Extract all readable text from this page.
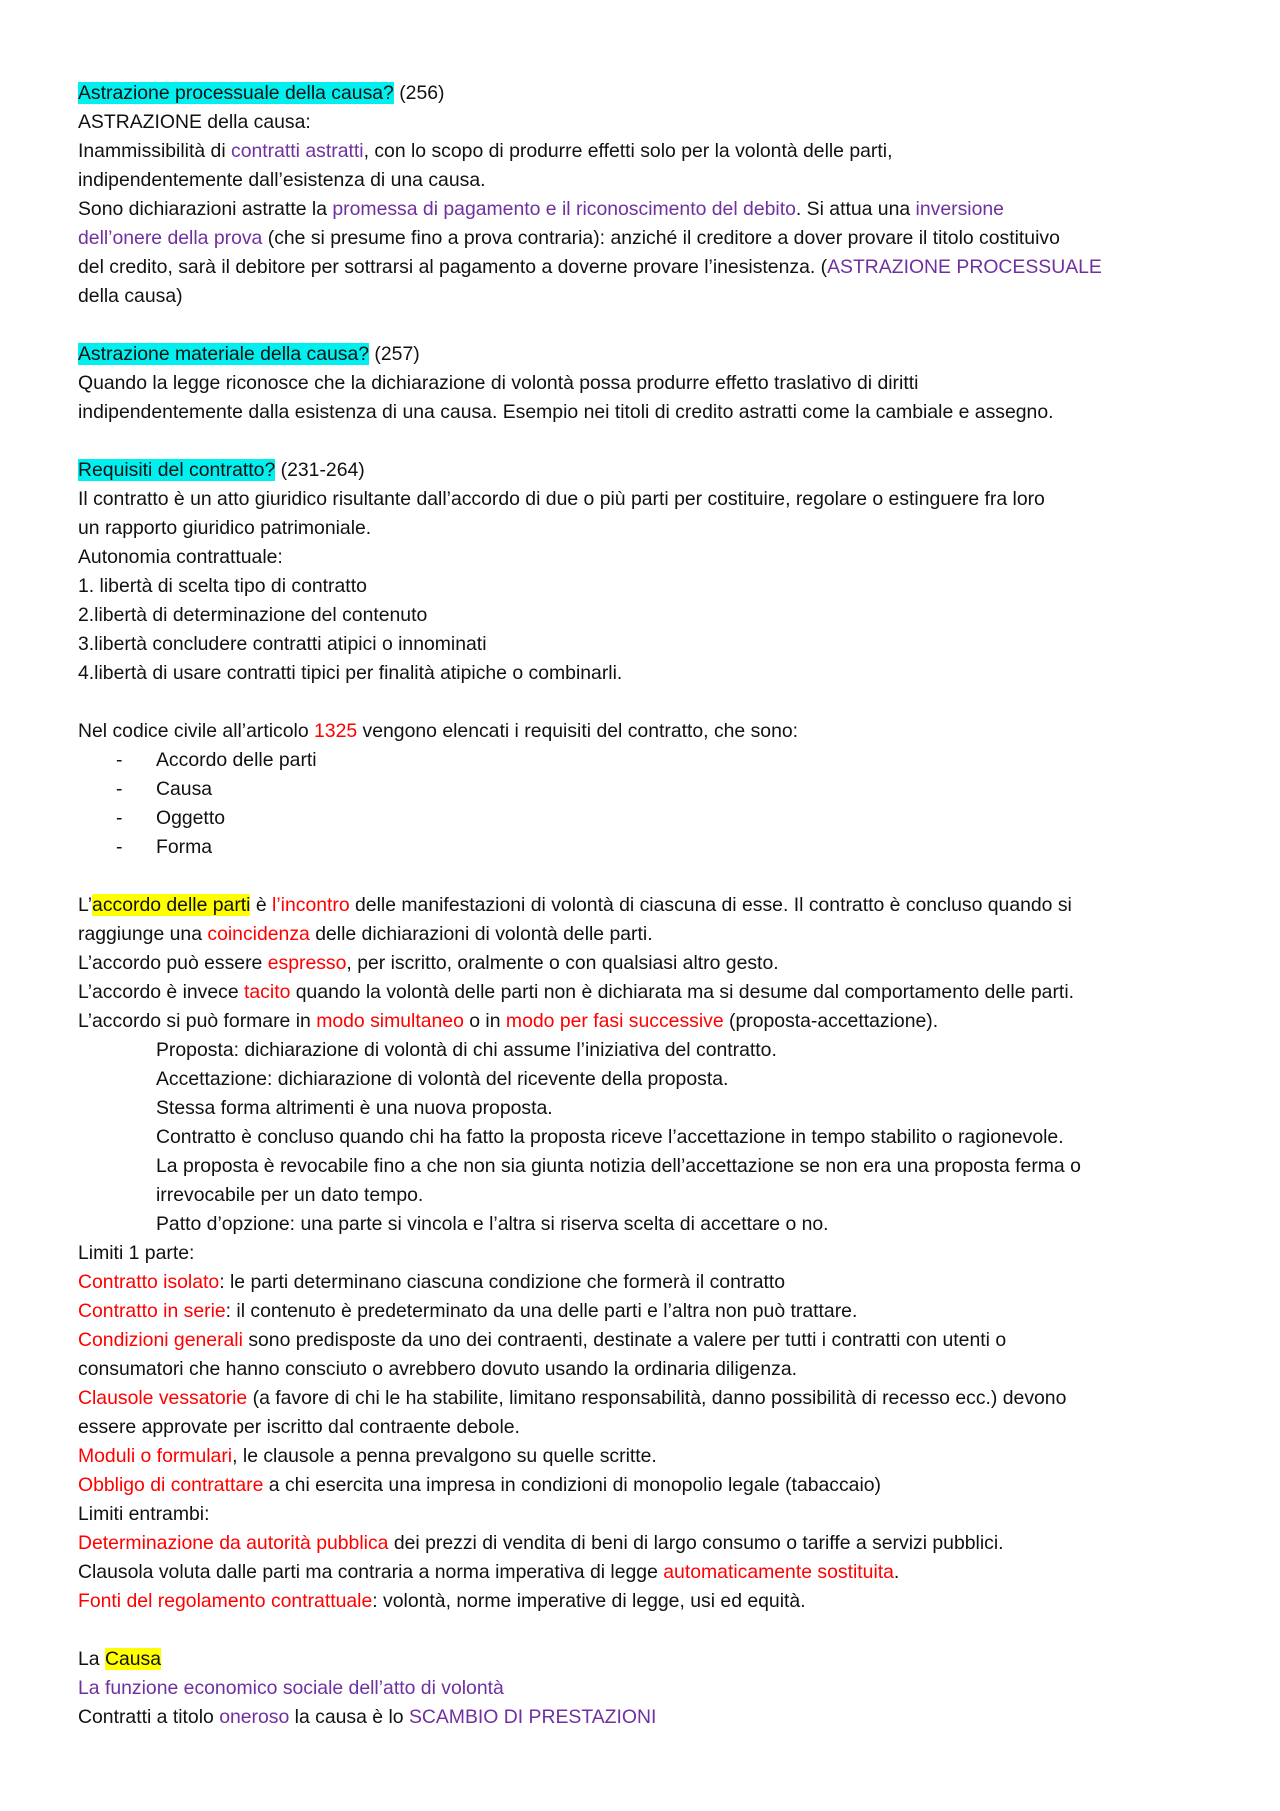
Astrazione processuale della causa? (256)
ASTRAZIONE della causa:
Inammissibilità di contratti astratti, con lo scopo di produrre effetti solo per la volontà delle parti,
indipendentemente dall’esistenza di una causa.
Sono dichiarazioni astratte la promessa di pagamento e il riconoscimento del debito. Si attua una inversione
dell’onere della prova (che si presume fino a prova contraria): anziché il creditore a dover provare il titolo costituivo
del credito, sarà il debitore per sottrarsi al pagamento a doverne provare l’inesistenza. (ASTRAZIONE PROCESSUALE
della causa)
Astrazione materiale della causa? (257)
Quando la legge riconosce che la dichiarazione di volontà possa produrre effetto traslativo di diritti
indipendentemente dalla esistenza di una causa. Esempio nei titoli di credito astratti come la cambiale e assegno.
Requisiti del contratto? (231-264)
Il contratto è un atto giuridico risultante dall’accordo di due o più parti per costituire, regolare o estinguere fra loro
un rapporto giuridico patrimoniale.
Autonomia contrattuale:
1. libertà di scelta tipo di contratto
2.libertà di determinazione del contenuto
3.libertà concludere contratti atipici o innominati
4.libertà di usare contratti tipici per finalità atipiche o combinarli.
Nel codice civile all’articolo 1325 vengono elencati i requisiti del contratto, che sono:
-	Accordo delle parti
-	Causa
-	Oggetto
-	Forma
L’accordo delle parti è l’incontro delle manifestazioni di volontà di ciascuna di esse. Il contratto è concluso quando si
raggiunge una coincidenza delle dichiarazioni di volontà delle parti.
L’accordo può essere espresso, per iscritto, oralmente o con qualsiasi altro gesto.
L’accordo è invece tacito quando la volontà delle parti non è dichiarata ma si desume dal comportamento delle parti.
L’accordo si può formare in modo simultaneo o in modo per fasi successive (proposta-accettazione).
Proposta: dichiarazione di volontà di chi assume l’iniziativa del contratto.
Accettazione: dichiarazione di volontà del ricevente della proposta.
Stessa forma altrimenti è una nuova proposta.
Contratto è concluso quando chi ha fatto la proposta riceve l’accettazione in tempo stabilito o ragionevole.
La proposta è revocabile fino a che non sia giunta notizia dell’accettazione se non era una proposta ferma o
irrevocabile per un dato tempo.
Patto d’opzione: una parte si vincola e l’altra si riserva scelta di accettare o no.
Limiti 1 parte:
Contratto isolato: le parti determinano ciascuna condizione che formerà il contratto
Contratto in serie: il contenuto è predeterminato da una delle parti e l’altra non può trattare.
Condizioni generali sono predisposte da uno dei contraenti, destinate a valere per tutti i contratti con utenti o
consumatori che hanno consciuto o avrebbero dovuto usando la ordinaria diligenza.
Clausole vessatorie (a favore di chi le ha stabilite, limitano responsabilità, danno possibilità di recesso ecc.) devono
essere approvate per iscritto dal contraente debole.
Moduli o formulari, le clausole a penna prevalgono su quelle scritte.
Obbligo di contrattare a chi esercita una impresa in condizioni di monopolio legale (tabaccaio)
Limiti entrambi:
Determinazione da autorità pubblica dei prezzi di vendita di beni di largo consumo o tariffe a servizi pubblici.
Clausola voluta dalle parti ma contraria a norma imperativa di legge automaticamente sostituita.
Fonti del regolamento contrattuale: volontà, norme imperative di legge, usi ed equità.
La Causa
La funzione economico sociale dell’atto di volontà
Contratti a titolo oneroso la causa è lo SCAMBIO DI PRESTAZIONI
